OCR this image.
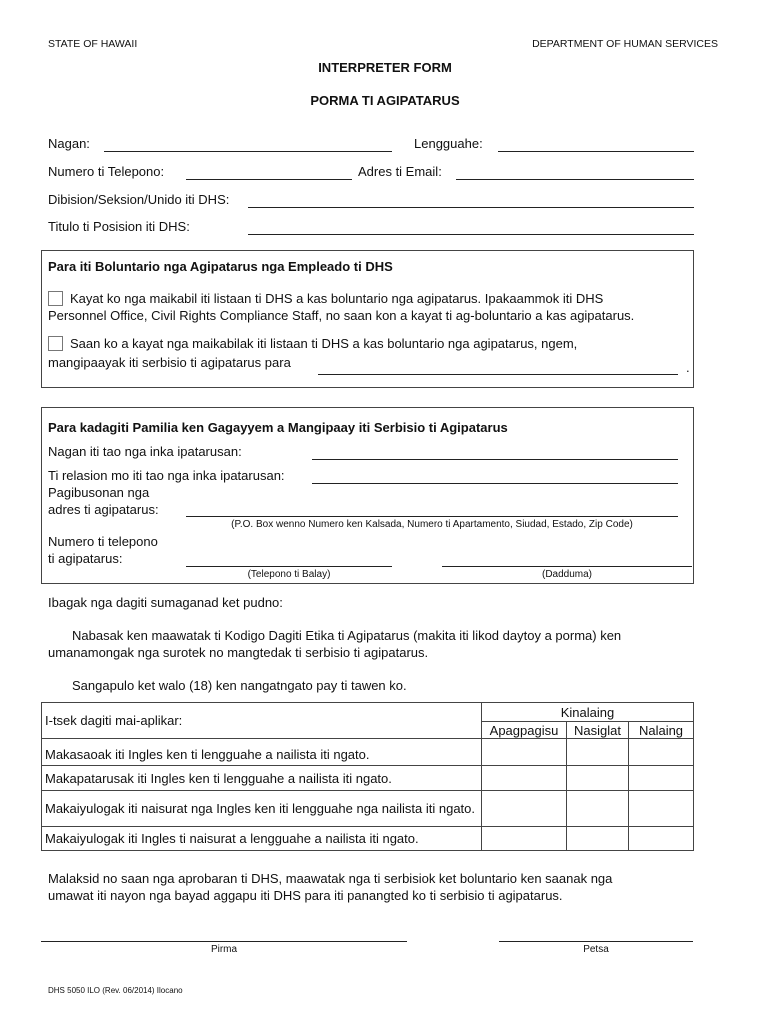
STATE OF HAWAII	DEPARTMENT OF HUMAN SERVICES
INTERPRETER FORM
PORMA TI AGIPATARUS
Nagan:	Lengguahe:
Numero ti Telepono:	Adres ti Email:
Dibision/Seksion/Unido iti DHS:
Titulo ti Posision iti DHS:
Para iti Boluntario nga Agipatarus nga Empleado ti DHS
Kayat ko nga maikabil iti listaan ti DHS a kas boluntario nga agipatarus. Ipakaammok iti DHS
Personnel Office, Civil Rights Compliance Staff, no saan kon a kayat ti ag-boluntario a kas agipatarus.
Saan ko a kayat nga maikabilak iti listaan ti DHS a kas boluntario nga agipatarus, ngem,
mangipaayak iti serbisio ti agipatarus para	.
Para kadagiti Pamilia ken Gagayyem a Mangipaay iti Serbisio ti Agipatarus
Nagan iti tao nga inka ipatarusan:
Ti relasion mo iti tao nga inka ipatarusan:
Pagibusonan nga
adres ti agipatarus:
(P.O. Box wenno Numero ken Kalsada, Numero ti Apartamento, Siudad, Estado, Zip Code)
Numero ti telepono
ti agipatarus:
(Telepono ti Balay)	(Dadduma)
Ibagak nga dagiti sumaganad ket pudno:
Nabasak ken maawatak ti Kodigo Dagiti Etika ti Agipatarus (makita iti likod daytoy a porma) ken
umanamongak nga surotek no mangtedak ti serbisio ti agipatarus.
Sangapulo ket walo (18) ken nangatngato pay ti tawen ko.
I-tsek dagiti mai-aplikar:	Kinalaing		
	Apagpagisu	Nasiglat	Nalaing
Makasaoak iti Ingles ken ti lengguahe a nailista iti ngato.			
Makapatarusak iti Ingles ken ti lengguahe a nailista iti ngato.			
Makaiyulogak iti naisurat nga Ingles ken iti lengguahe nga nailista iti ngato.			
Makaiyulogak iti Ingles ti naisurat a lengguahe a nailista iti ngato.			
Malaksid no saan nga aprobaran ti DHS, maawatak nga ti serbisiok ket boluntario ken saanak nga
umawat iti nayon nga bayad aggapu iti DHS para iti panangted ko ti serbisio ti agipatarus.
Pirma	Petsa
DHS 5050 ILO (Rev. 06/2014) Ilocano
